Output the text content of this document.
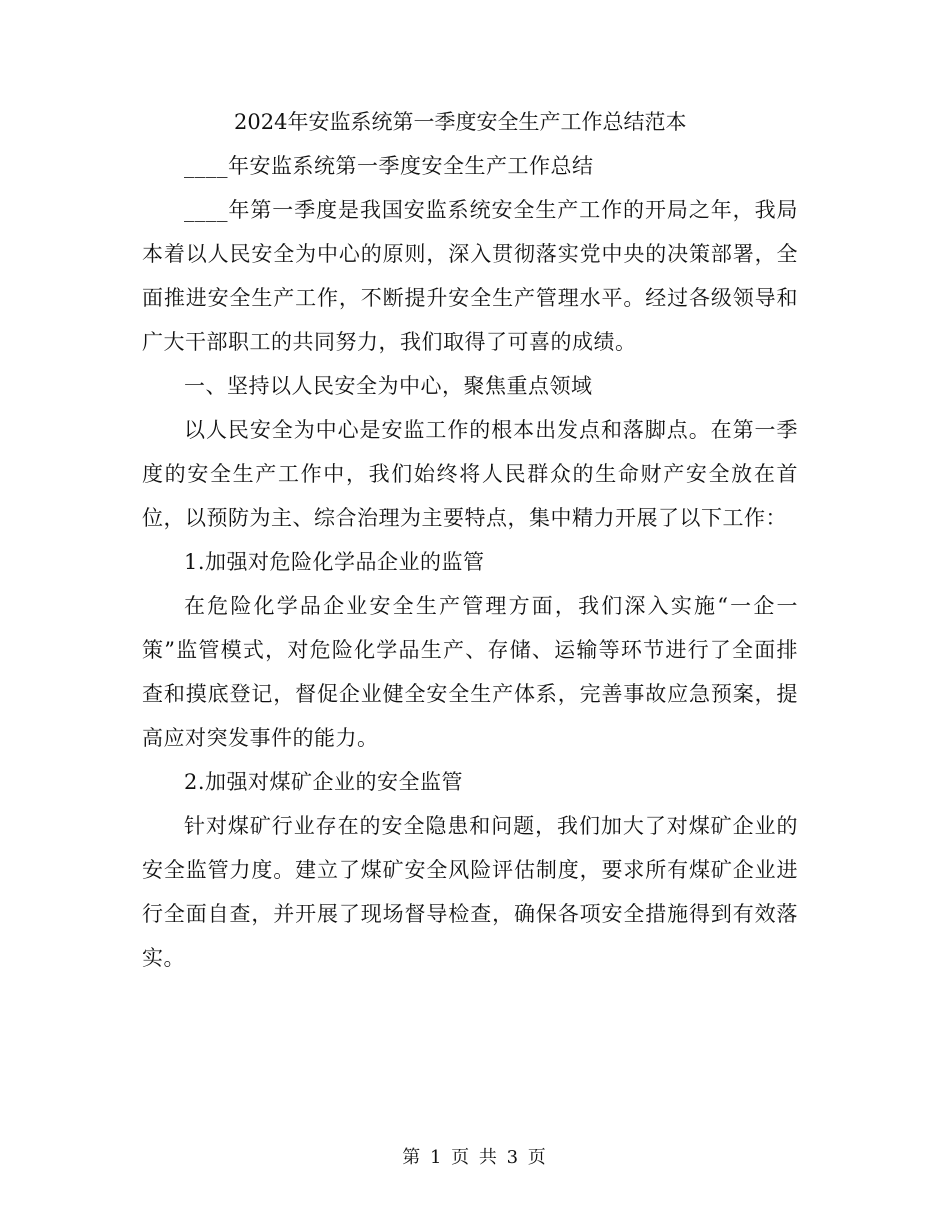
2024年安监系统第一季度安全生产工作总结范本

____年安监系统第一季度安全生产工作总结

____年第一季度是我国安监系统安全生产工作的开局之年，我局本着以人民安全为中心的原则，深入贯彻落实党中央的决策部署，全面推进安全生产工作，不断提升安全生产管理水平。经过各级领导和广大干部职工的共同努力，我们取得了可喜的成绩。

一、坚持以人民安全为中心，聚焦重点领域

以人民安全为中心是安监工作的根本出发点和落脚点。在第一季度的安全生产工作中，我们始终将人民群众的生命财产安全放在首位，以预防为主、综合治理为主要特点，集中精力开展了以下工作：

1.加强对危险化学品企业的监管

在危险化学品企业安全生产管理方面，我们深入实施“一企一策”监管模式，对危险化学品生产、存储、运输等环节进行了全面排查和摸底登记，督促企业健全安全生产体系，完善事故应急预案，提高应对突发事件的能力。

2.加强对煤矿企业的安全监管

针对煤矿行业存在的安全隐患和问题，我们加大了对煤矿企业的安全监管力度。建立了煤矿安全风险评估制度，要求所有煤矿企业进行全面自查，并开展了现场督导检查，确保各项安全措施得到有效落实。

第 1 页 共 3 页
